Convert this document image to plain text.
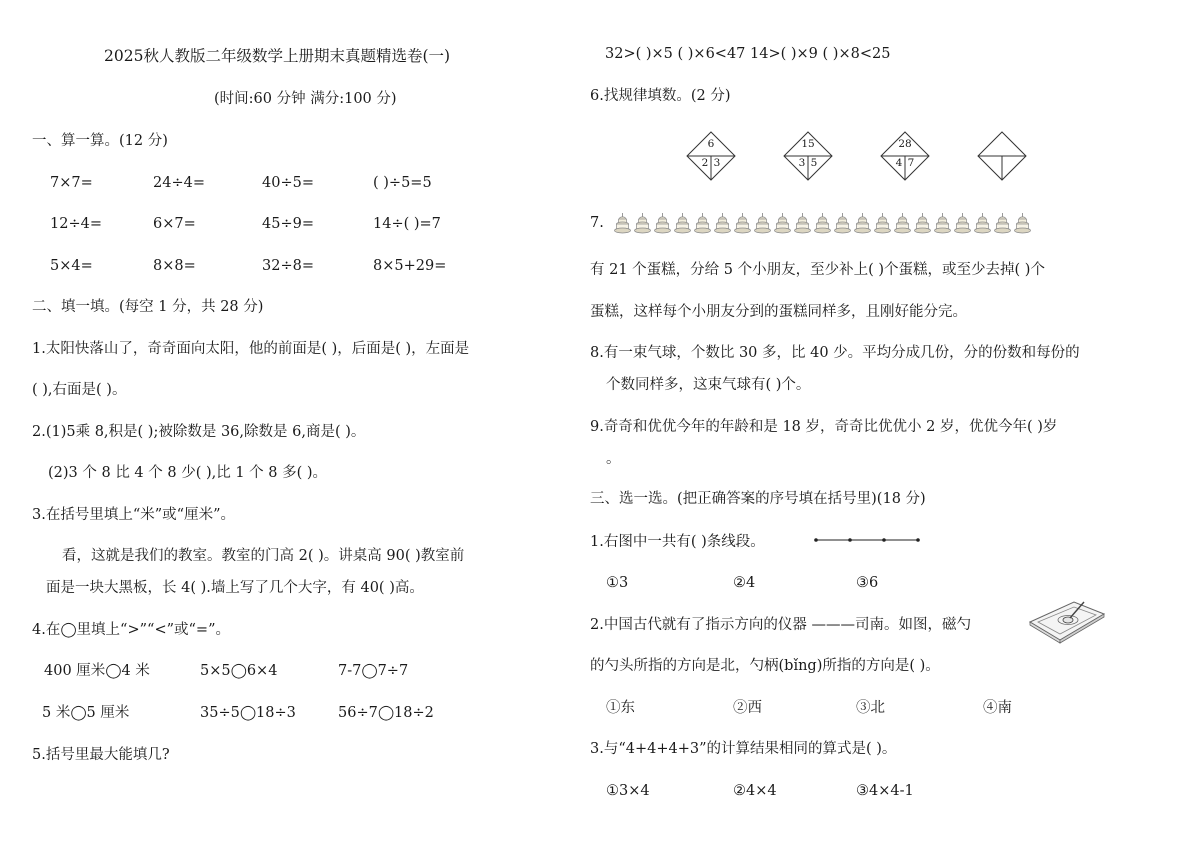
2025秋人教版二年级数学上册期末真题精选卷(一)
(时间:60 分钟 满分:100 分)
一、算一算。(12 分)
7×7=	24÷4=	40÷5=	( )÷5=5
12÷4=	6×7=	45÷9=	14÷( )=7
5×4=	8×8=	32÷8=	8×5+29=
二、填一填。(每空 1 分，共 28 分)
1.太阳快落山了，奇奇面向太阳，他的前面是( )，后面是( )，左面是
( ),右面是( )。
2.(1)5乘 8,积是( );被除数是 36,除数是 6,商是( )。
(2)3 个 8 比 4 个 8 少( ),比 1 个 8 多( )。
3.在括号里填上“米”或“厘米”。
看，这就是我们的教室。教室的门高 2( )。讲桌高 90( )教室前
面是一块大黑板，长 4( ).墙上写了几个大字，有 40( )高。
4.在◯里填上“>”“<”或“=”。
400 厘米◯4 米	5×5◯6×4	7-7◯7÷7
5 米◯5 厘米	35÷5◯18÷3	56÷7◯18÷2
5.括号里最大能填几?
32>( )×5 ( )×6<47 14>( )×9 ( )×8<25
6.找规律填数。(2 分)
6
2 3
15
3 5
28
4 7
7.
有 21 个蛋糕，分给 5 个小朋友，至少补上( )个蛋糕，或至少去掉( )个
蛋糕，这样每个小朋友分到的蛋糕同样多，且刚好能分完。
8.有一束气球，个数比 30 多，比 40 少。平均分成几份，分的份数和每份的
个数同样多，这束气球有( )个。
9.奇奇和优优今年的年龄和是 18 岁，奇奇比优优小 2 岁，优优今年( )岁
。
三、选一选。(把正确答案的序号填在括号里)(18 分)
1.右图中一共有( )条线段。
①3	②4	③6
2.中国古代就有了指示方向的仪器 ———司南。如图，磁勺
的勺头所指的方向是北，勺柄(bǐng)所指的方向是( )。
①东	②西	③北	④南
3.与“4+4+4+3”的计算结果相同的算式是( )。
①3×4	②4×4	③4×4-1
